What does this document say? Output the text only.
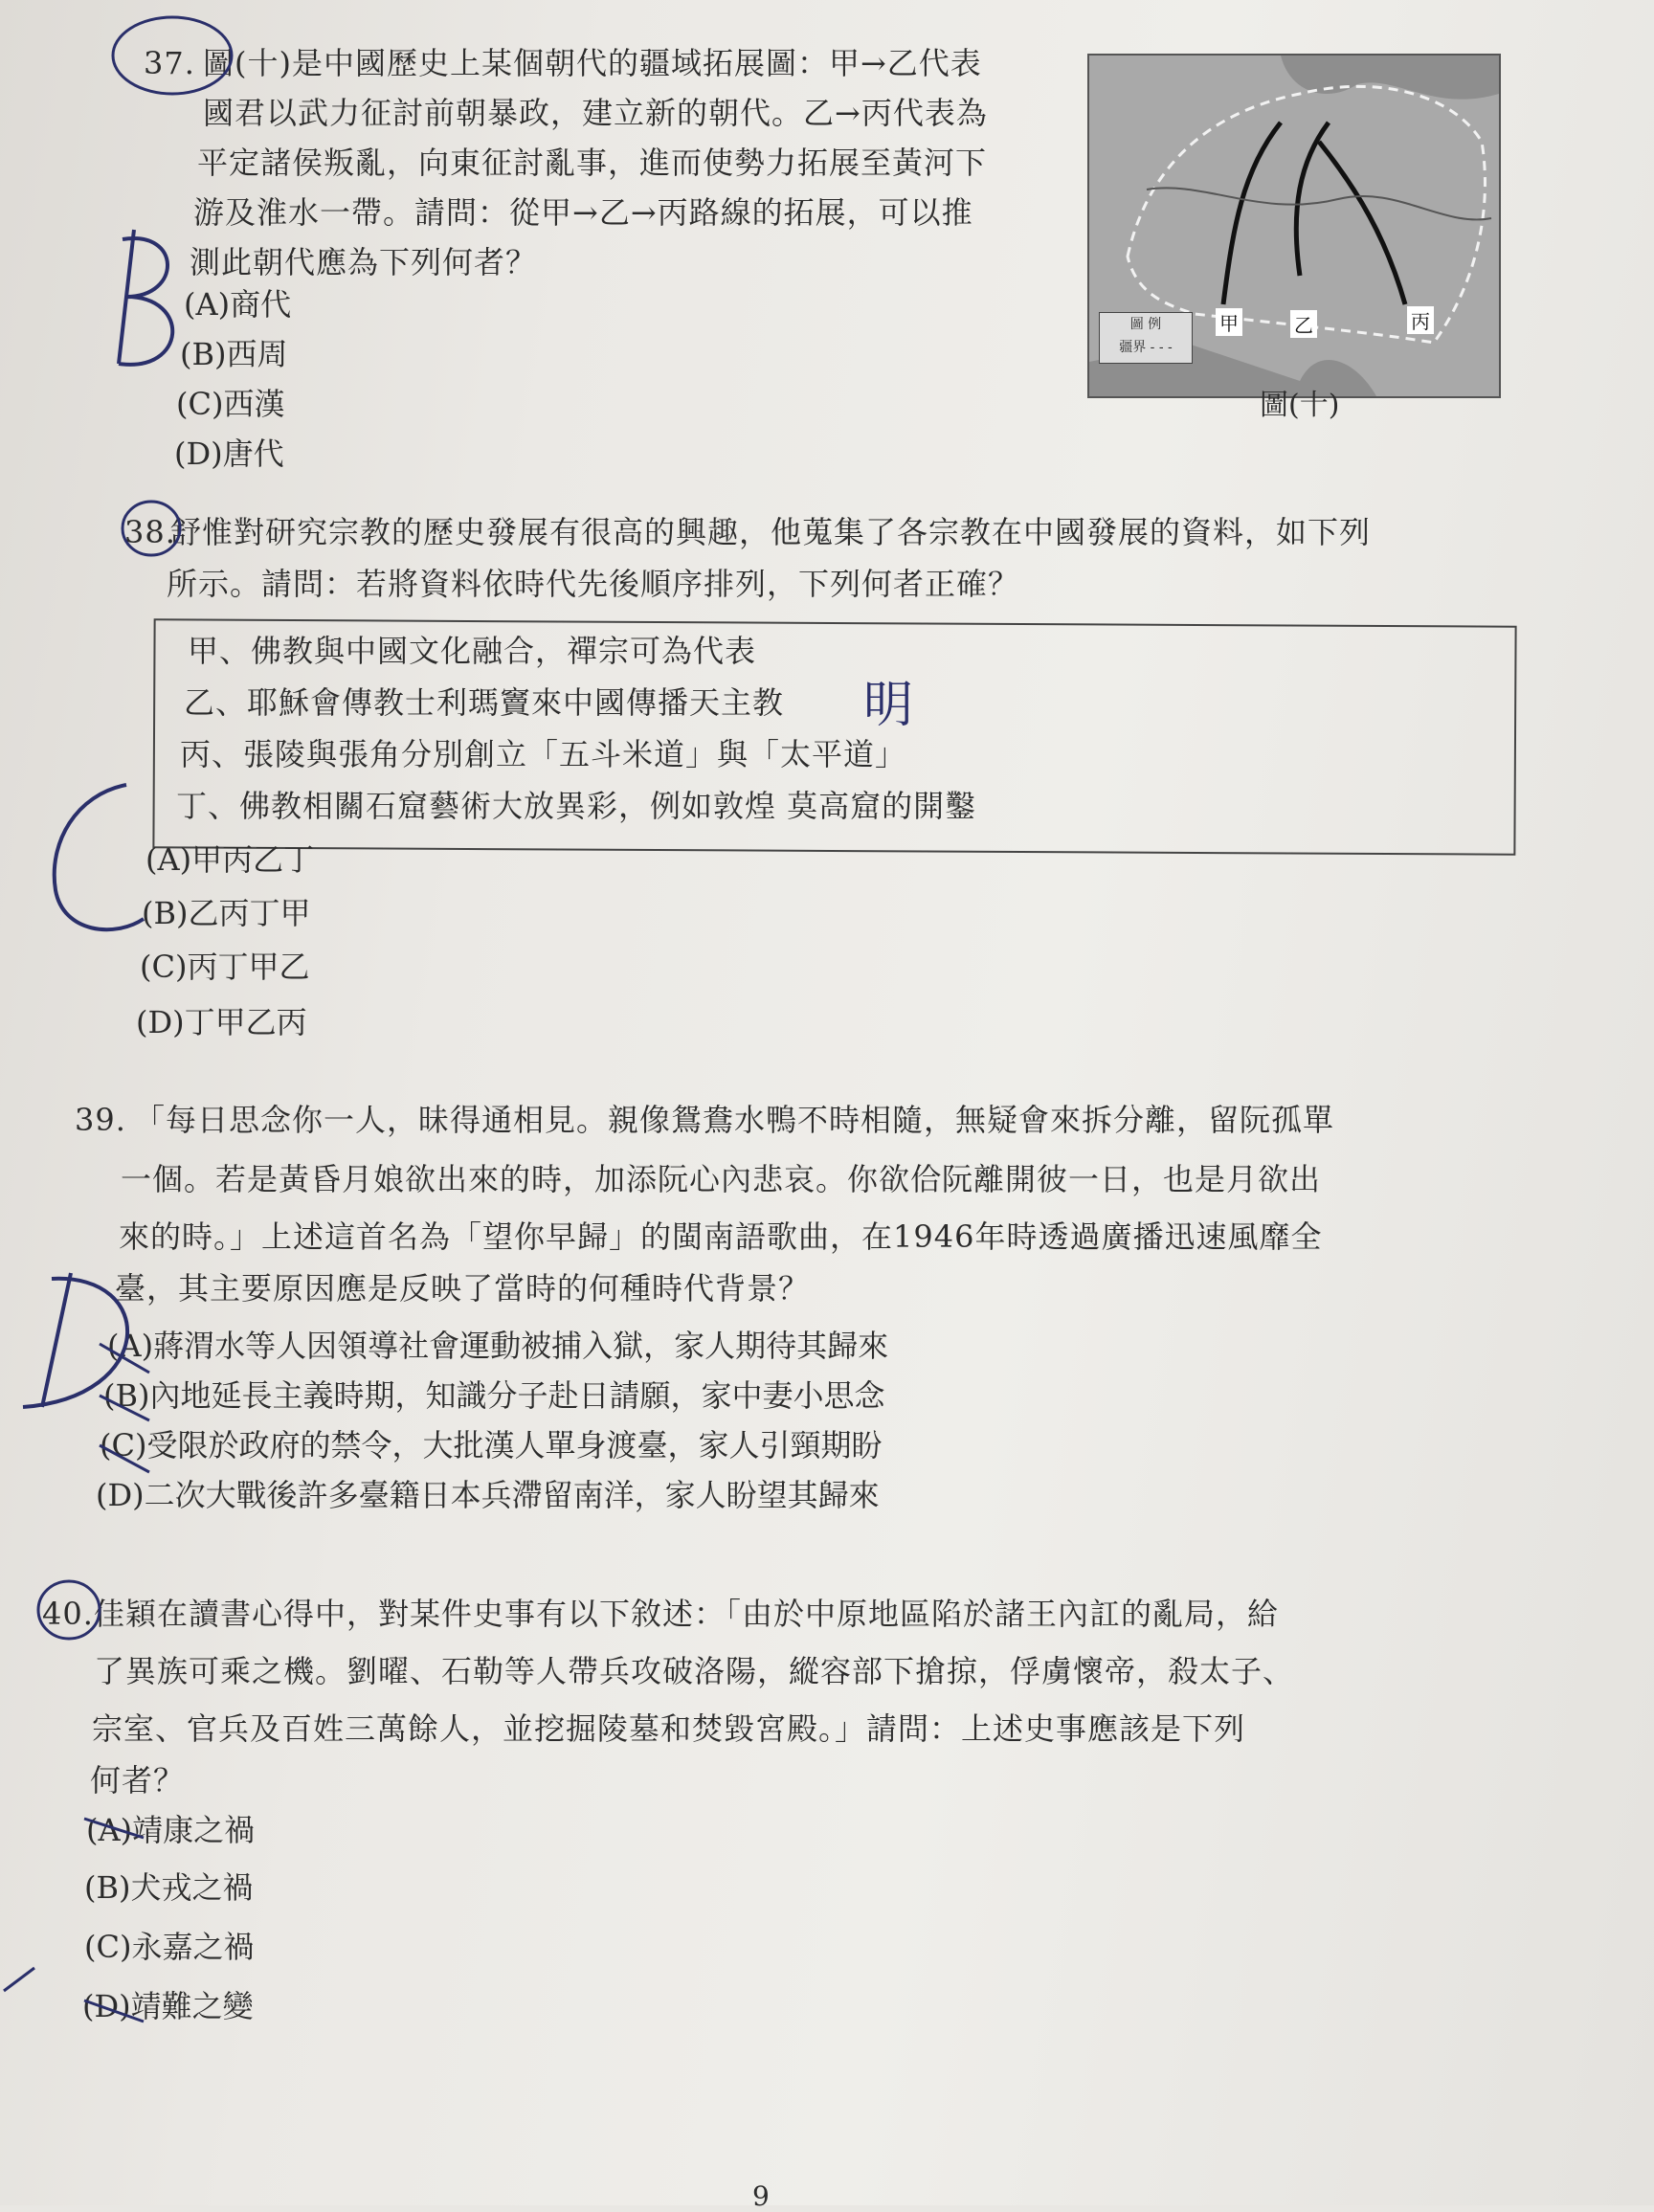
37. 圖(十)是中國歷史上某個朝代的疆域拓展圖：甲→乙代表
國君以武力征討前朝暴政，建立新的朝代。乙→丙代表為
平定諸侯叛亂，向東征討亂事，進而使勢力拓展至黃河下
游及淮水一帶。請問：從甲→乙→丙路線的拓展，可以推
測此朝代應為下列何者？
(A)商代
(B)西周
(C)西漢
(D)唐代
圖 例
疆界 - - -
甲	乙	丙
圖(十)
38.
舒惟對研究宗教的歷史發展有很高的興趣，他蒐集了各宗教在中國發展的資料，如下列
所示。請問：若將資料依時代先後順序排列，下列何者正確？
甲、佛教與中國文化融合，禪宗可為代表
乙、耶穌會傳教士利瑪竇來中國傳播天主教
丙、張陵與張角分別創立「五斗米道」與「太平道」
丁、佛教相關石窟藝術大放異彩，例如敦煌 莫高窟的開鑿
明
(A)甲丙乙丁
(B)乙丙丁甲
(C)丙丁甲乙
(D)丁甲乙丙
39. 「每日思念你一人，昧得通相見。親像鴛鴦水鴨不時相隨，無疑會來拆分離，留阮孤單
一個。若是黃昏月娘欲出來的時，加添阮心內悲哀。你欲佮阮離開彼一日，也是月欲出
來的時。」上述這首名為「望你早歸」的閩南語歌曲，在1946年時透過廣播迅速風靡全
臺，其主要原因應是反映了當時的何種時代背景？
(A)蔣渭水等人因領導社會運動被捕入獄，家人期待其歸來
(B)內地延長主義時期，知識分子赴日請願，家中妻小思念
(C)受限於政府的禁令，大批漢人單身渡臺，家人引頸期盼
(D)二次大戰後許多臺籍日本兵滯留南洋，家人盼望其歸來
40. 佳穎在讀書心得中，對某件史事有以下敘述：「由於中原地區陷於諸王內訌的亂局，給
了異族可乘之機。劉曜、石勒等人帶兵攻破洛陽，縱容部下搶掠，俘虜懷帝，殺太子、
宗室、官兵及百姓三萬餘人，並挖掘陵墓和焚毀宮殿。」請問：上述史事應該是下列
何者？
(A)靖康之禍
(B)犬戎之禍
(C)永嘉之禍
(D)靖難之變
9
